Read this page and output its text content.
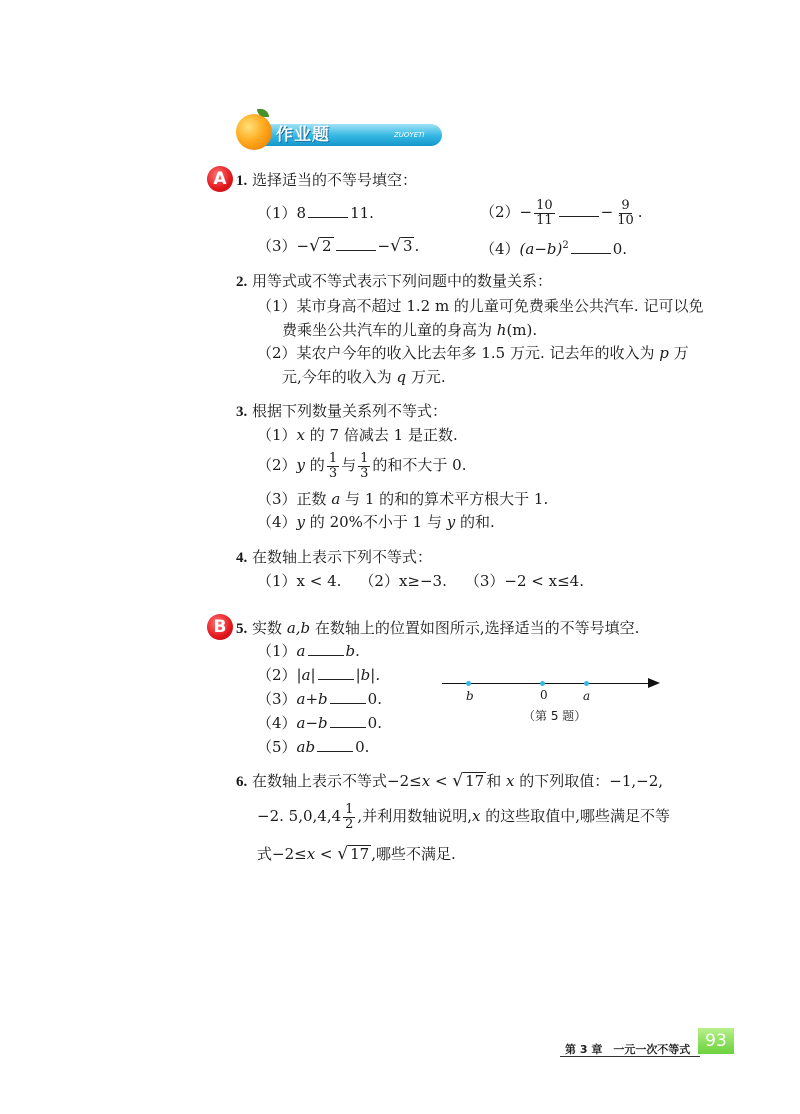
作业题	ZUOYETI
A 1. 选择适当的不等号填空：
（1）8	11.	$(2)- \frac{10}{11}$	− $\frac{9}{10}$ .
（3）−√ 2	−√ 3 .	$(4)(a-b)^2$	0.
2. 用等式或不等式表示下列问题中的数量关系：
（1）某市身高不超过 1.2 m 的儿童可免费乘坐公共汽车. 记可以免
费乘坐公共汽车的儿童的身高为 h(m).
（2）某农户今年的收入比去年多 1.5 万元. 记去年的收入为 p 万
元,今年的收入为 q 万元.
3. 根据下列数量关系列不等式：
（1）x 的 7 倍减去 1 是正数.
（2）y 的 $\frac{1}{3}$ 与 $\frac{1}{3}$ 的和不大于 0.
（3）正数 a 与 1 的和的算术平方根大于 1.
（4）y 的 20%不小于 1 与 y 的和.
4. 在数轴上表示下列不等式：
（1）x < 4. （2）x≥−3. （3）−2 < x≤4.
B 5. 实数 a,b 在数轴上的位置如图所示,选择适当的不等号填空.
（1）a	b.
（2）|a|	|b|.
（3）a+b	0.
（4）a−b	0.
（5）ab	0.
b	0	a
（第 5 题）
6. 在数轴上表示不等式−2≤x < √ 17 和 x 的下列取值：−1,−2,
−2. $5,0,4,4 \frac{1}{2}$ ,并利用数轴说明,x 的这些取值中,哪些满足不等
式−2≤x < √ 17 ,哪些不满足.
第 3 章　一元一次不等式 93
